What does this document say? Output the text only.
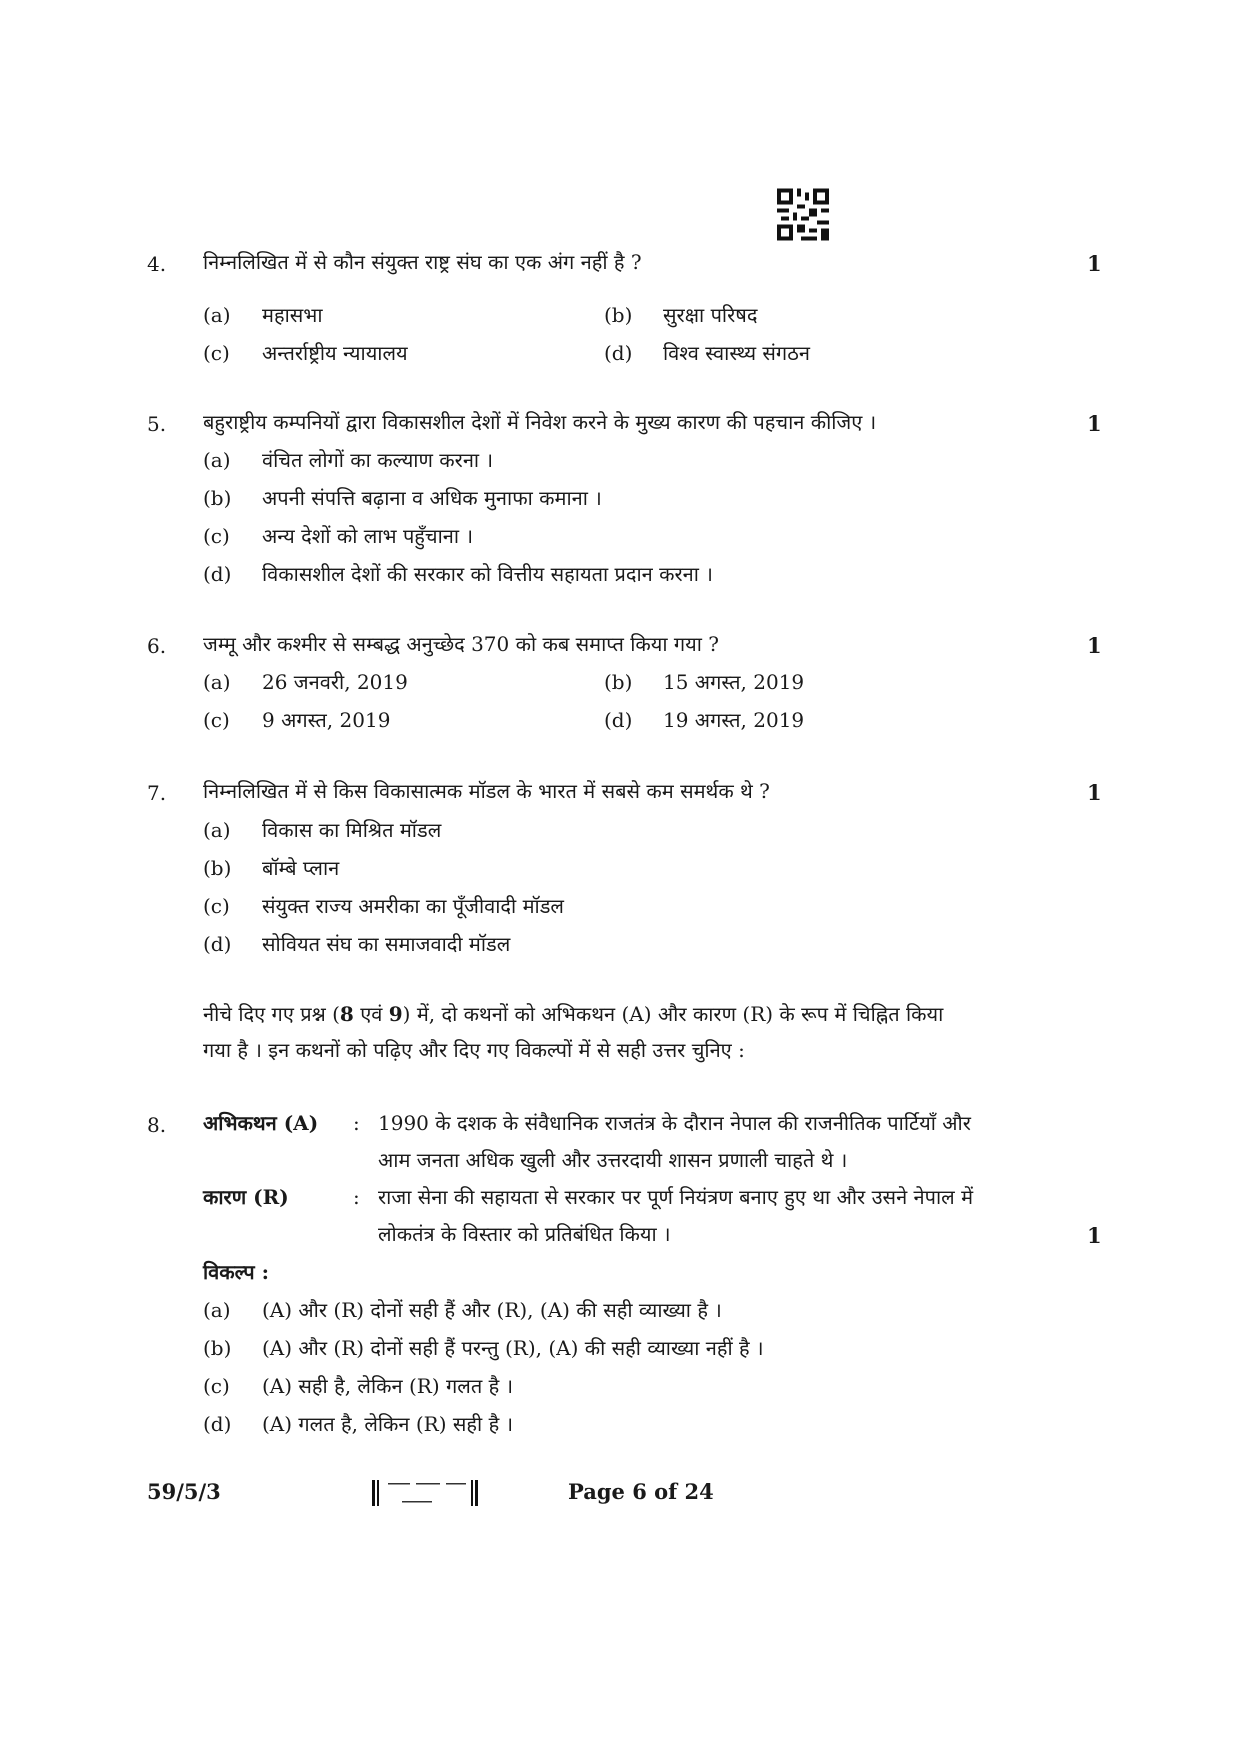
4.	निम्नलिखित में से कौन संयुक्त राष्ट्र संघ का एक अंग नहीं है ?	1
(a) महासभा	(b) सुरक्षा परिषद
(c) अन्तर्राष्ट्रीय न्यायालय	(d) विश्व स्वास्थ्य संगठन
5.	बहुराष्ट्रीय कम्पनियों द्वारा विकासशील देशों में निवेश करने के मुख्य कारण की पहचान कीजिए ।	1
(a) वंचित लोगों का कल्याण करना ।
(b) अपनी संपत्ति बढ़ाना व अधिक मुनाफा कमाना ।
(c) अन्य देशों को लाभ पहुँचाना ।
(d) विकासशील देशों की सरकार को वित्तीय सहायता प्रदान करना ।
6.	जम्मू और कश्मीर से सम्बद्ध अनुच्छेद 370 को कब समाप्त किया गया ?	1
(a) 26 जनवरी, 2019	(b) 15 अगस्त, 2019
(c) 9 अगस्त, 2019	(d) 19 अगस्त, 2019
7.	निम्नलिखित में से किस विकासात्मक मॉडल के भारत में सबसे कम समर्थक थे ?	1
(a) विकास का मिश्रित मॉडल
(b) बॉम्बे प्लान
(c) संयुक्त राज्य अमरीका का पूँजीवादी मॉडल
(d) सोवियत संघ का समाजवादी मॉडल
नीचे दिए गए प्रश्न (8 एवं 9) में, दो कथनों को अभिकथन (A) और कारण (R) के रूप में चिह्नित किया
गया है । इन कथनों को पढ़िए और दिए गए विकल्पों में से सही उत्तर चुनिए :
8.	अभिकथन (A) : 1990 के दशक के संवैधानिक राजतंत्र के दौरान नेपाल की राजनीतिक पार्टियाँ और
आम जनता अधिक खुली और उत्तरदायी शासन प्रणाली चाहते थे ।
कारण (R)	: राजा सेना की सहायता से सरकार पर पूर्ण नियंत्रण बनाए हुए था और उसने नेपाल में
लोकतंत्र के विस्तार को प्रतिबंधित किया ।	1
विकल्प :
(a) (A) और (R) दोनों सही हैं और (R), (A) की सही व्याख्या है ।
(b) (A) और (R) दोनों सही हैं परन्तु (R), (A) की सही व्याख्या नहीं है ।
(c) (A) सही है, लेकिन (R) गलत है ।
(d) (A) गलत है, लेकिन (R) सही है ।
59/5/3	Page 6 of 24
